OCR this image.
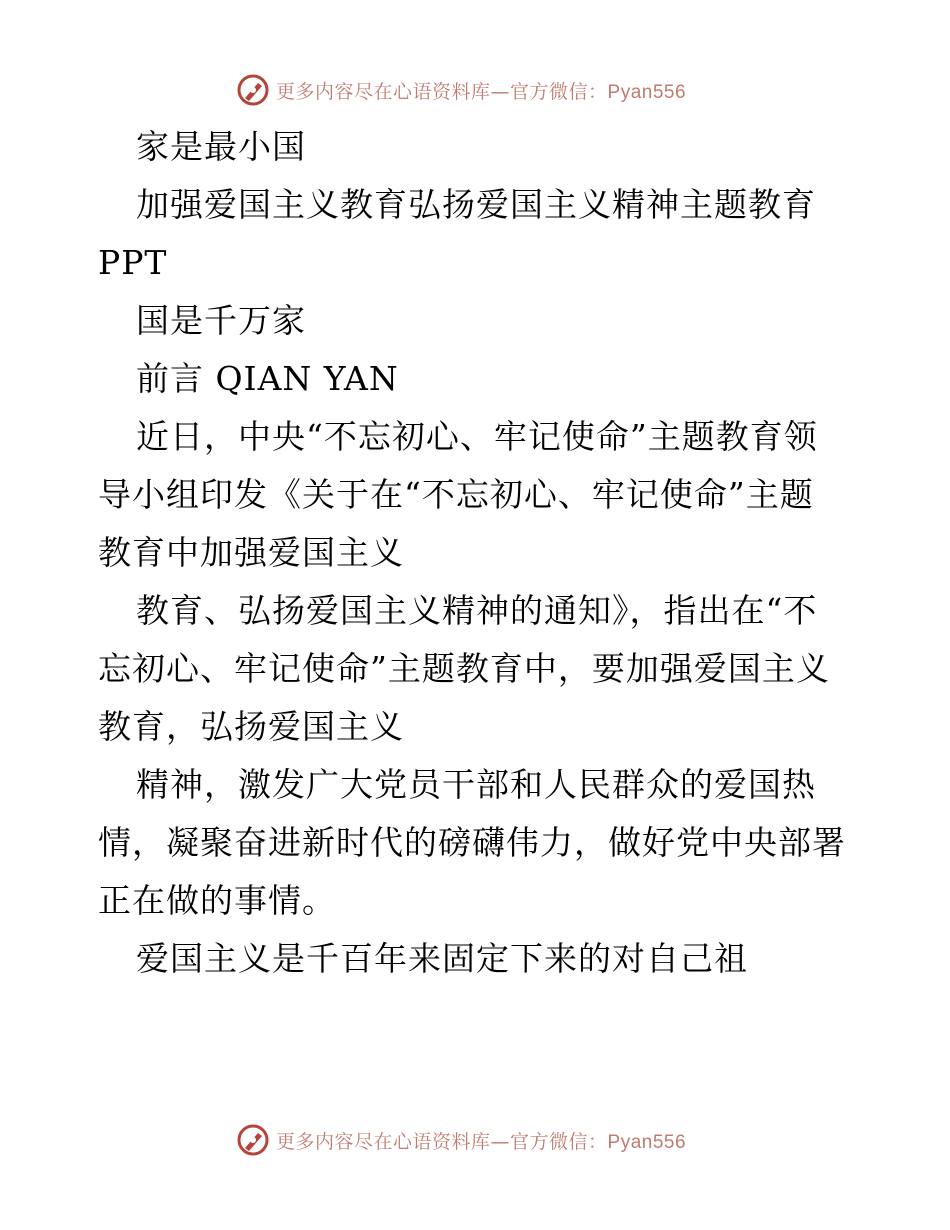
更多内容尽在心语资料库—官方微信：Pyan556
家是最小国
加强爱国主义教育弘扬爱国主义精神主题教育
PPT
国是千万家
前言 QIAN YAN
近日，中央“不忘初心、牢记使命”主题教育领
导小组印发《关于在“不忘初心、牢记使命”主题
教育中加强爱国主义
教育、弘扬爱国主义精神的通知》，指出在“不
忘初心、牢记使命”主题教育中，要加强爱国主义
教育，弘扬爱国主义
精神，激发广大党员干部和人民群众的爱国热
情，凝聚奋进新时代的磅礴伟力，做好党中央部署
正在做的事情。
爱国主义是千百年来固定下来的对自己祖
更多内容尽在心语资料库—官方微信：Pyan556
